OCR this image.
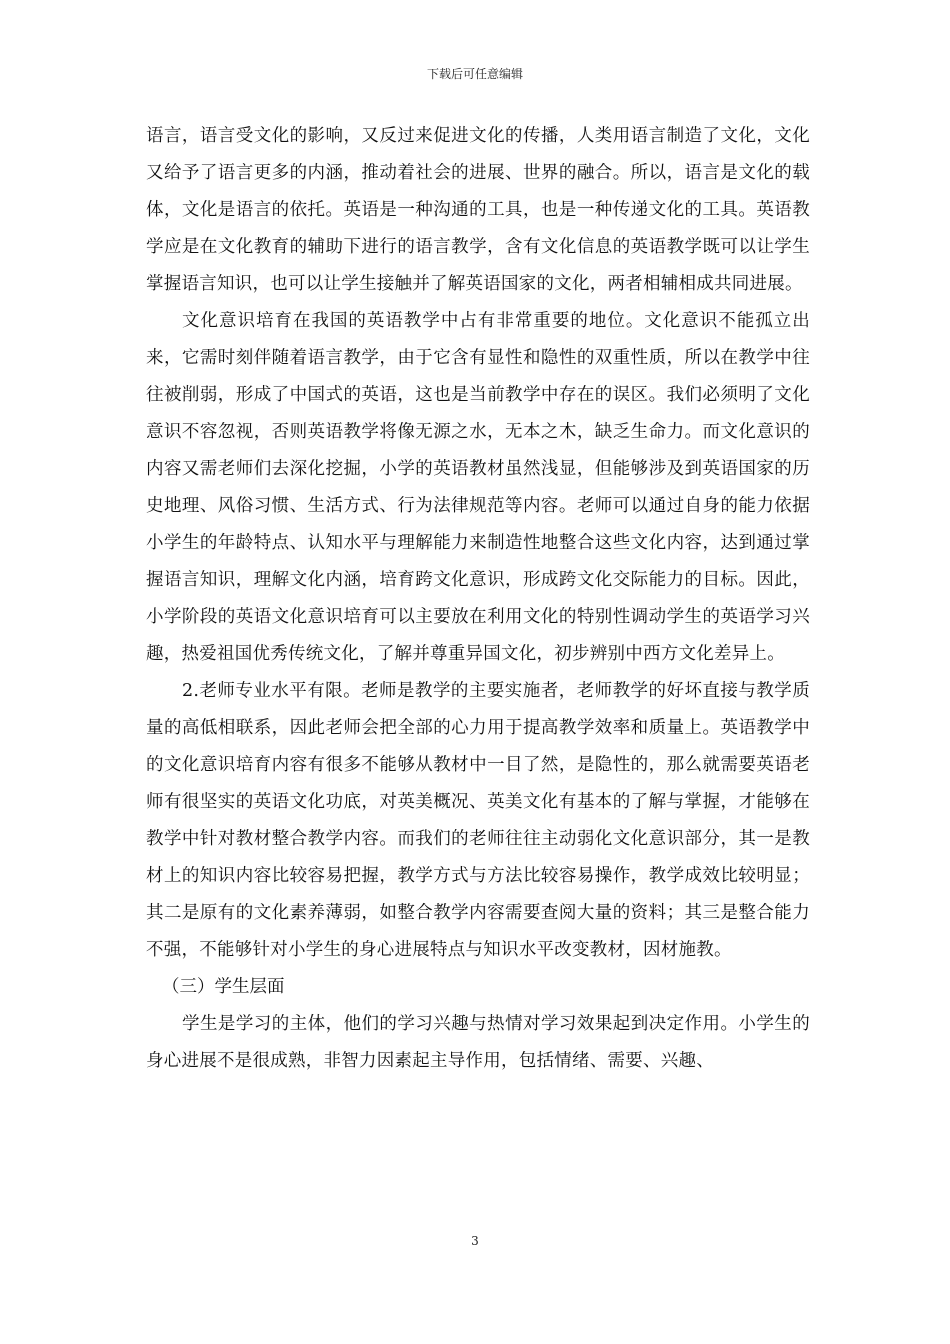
下载后可任意编辑

语言，语言受文化的影响，又反过来促进文化的传播，人类用语言制造了文化，文化又给予了语言更多的内涵，推动着社会的进展、世界的融合。所以，语言是文化的载体，文化是语言的依托。英语是一种沟通的工具，也是一种传递文化的工具。英语教学应是在文化教育的辅助下进行的语言教学，含有文化信息的英语教学既可以让学生掌握语言知识，也可以让学生接触并了解英语国家的文化，两者相辅相成共同进展。

文化意识培育在我国的英语教学中占有非常重要的地位。文化意识不能孤立出来，它需时刻伴随着语言教学，由于它含有显性和隐性的双重性质，所以在教学中往往被削弱，形成了中国式的英语，这也是当前教学中存在的误区。我们必须明了文化意识不容忽视，否则英语教学将像无源之水，无本之木，缺乏生命力。而文化意识的内容又需老师们去深化挖掘，小学的英语教材虽然浅显，但能够涉及到英语国家的历史地理、风俗习惯、生活方式、行为法律规范等内容。老师可以通过自身的能力依据小学生的年龄特点、认知水平与理解能力来制造性地整合这些文化内容，达到通过掌握语言知识，理解文化内涵，培育跨文化意识，形成跨文化交际能力的目标。因此，小学阶段的英语文化意识培育可以主要放在利用文化的特别性调动学生的英语学习兴趣，热爱祖国优秀传统文化，了解并尊重异国文化，初步辨别中西方文化差异上。

2.老师专业水平有限。老师是教学的主要实施者，老师教学的好坏直接与教学质量的高低相联系，因此老师会把全部的心力用于提高教学效率和质量上。英语教学中的文化意识培育内容有很多不能够从教材中一目了然，是隐性的，那么就需要英语老师有很坚实的英语文化功底，对英美概况、英美文化有基本的了解与掌握，才能够在教学中针对教材整合教学内容。而我们的老师往往主动弱化文化意识部分，其一是教材上的知识内容比较容易把握，教学方式与方法比较容易操作，教学成效比较明显；其二是原有的文化素养薄弱，如整合教学内容需要查阅大量的资料；其三是整合能力不强，不能够针对小学生的身心进展特点与知识水平改变教材，因材施教。

（三）学生层面

学生是学习的主体，他们的学习兴趣与热情对学习效果起到决定作用。小学生的身心进展不是很成熟，非智力因素起主导作用，包括情绪、需要、兴趣、

3
